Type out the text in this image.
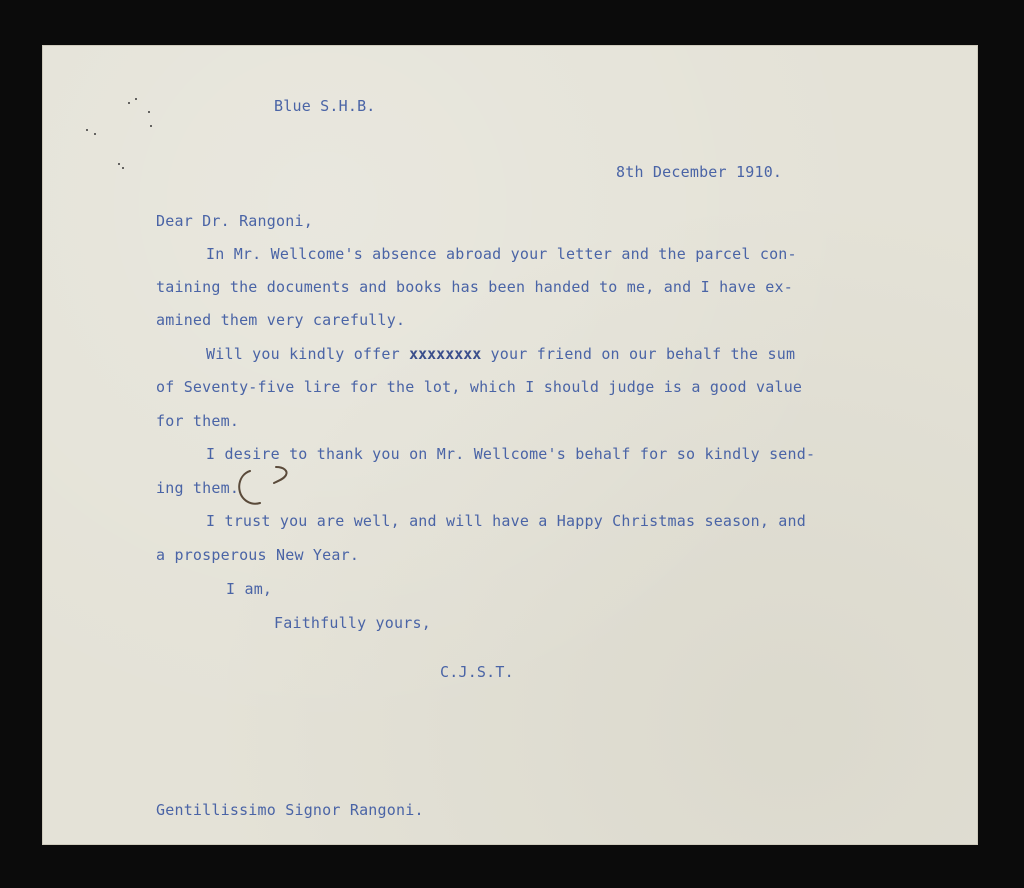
Blue S.H.B.

8th December 1910.

Dear Dr. Rangoni,

In Mr. Wellcome's absence abroad your letter and the parcel con-

taining the documents and books has been handed to me, and I have ex-

amined them very carefully.

Will you kindly offer xxxxxxxx your friend on our behalf the sum

of Seventy-five lire for the lot, which I should judge is a good value

for them.

I desire to thank you on Mr. Wellcome's behalf for so kindly send-

ing them.

I trust you are well, and will have a Happy Christmas season, and

a prosperous New Year.

I am,

Faithfully yours,

C.J.S.T.

Gentillissimo Signor Rangoni.
